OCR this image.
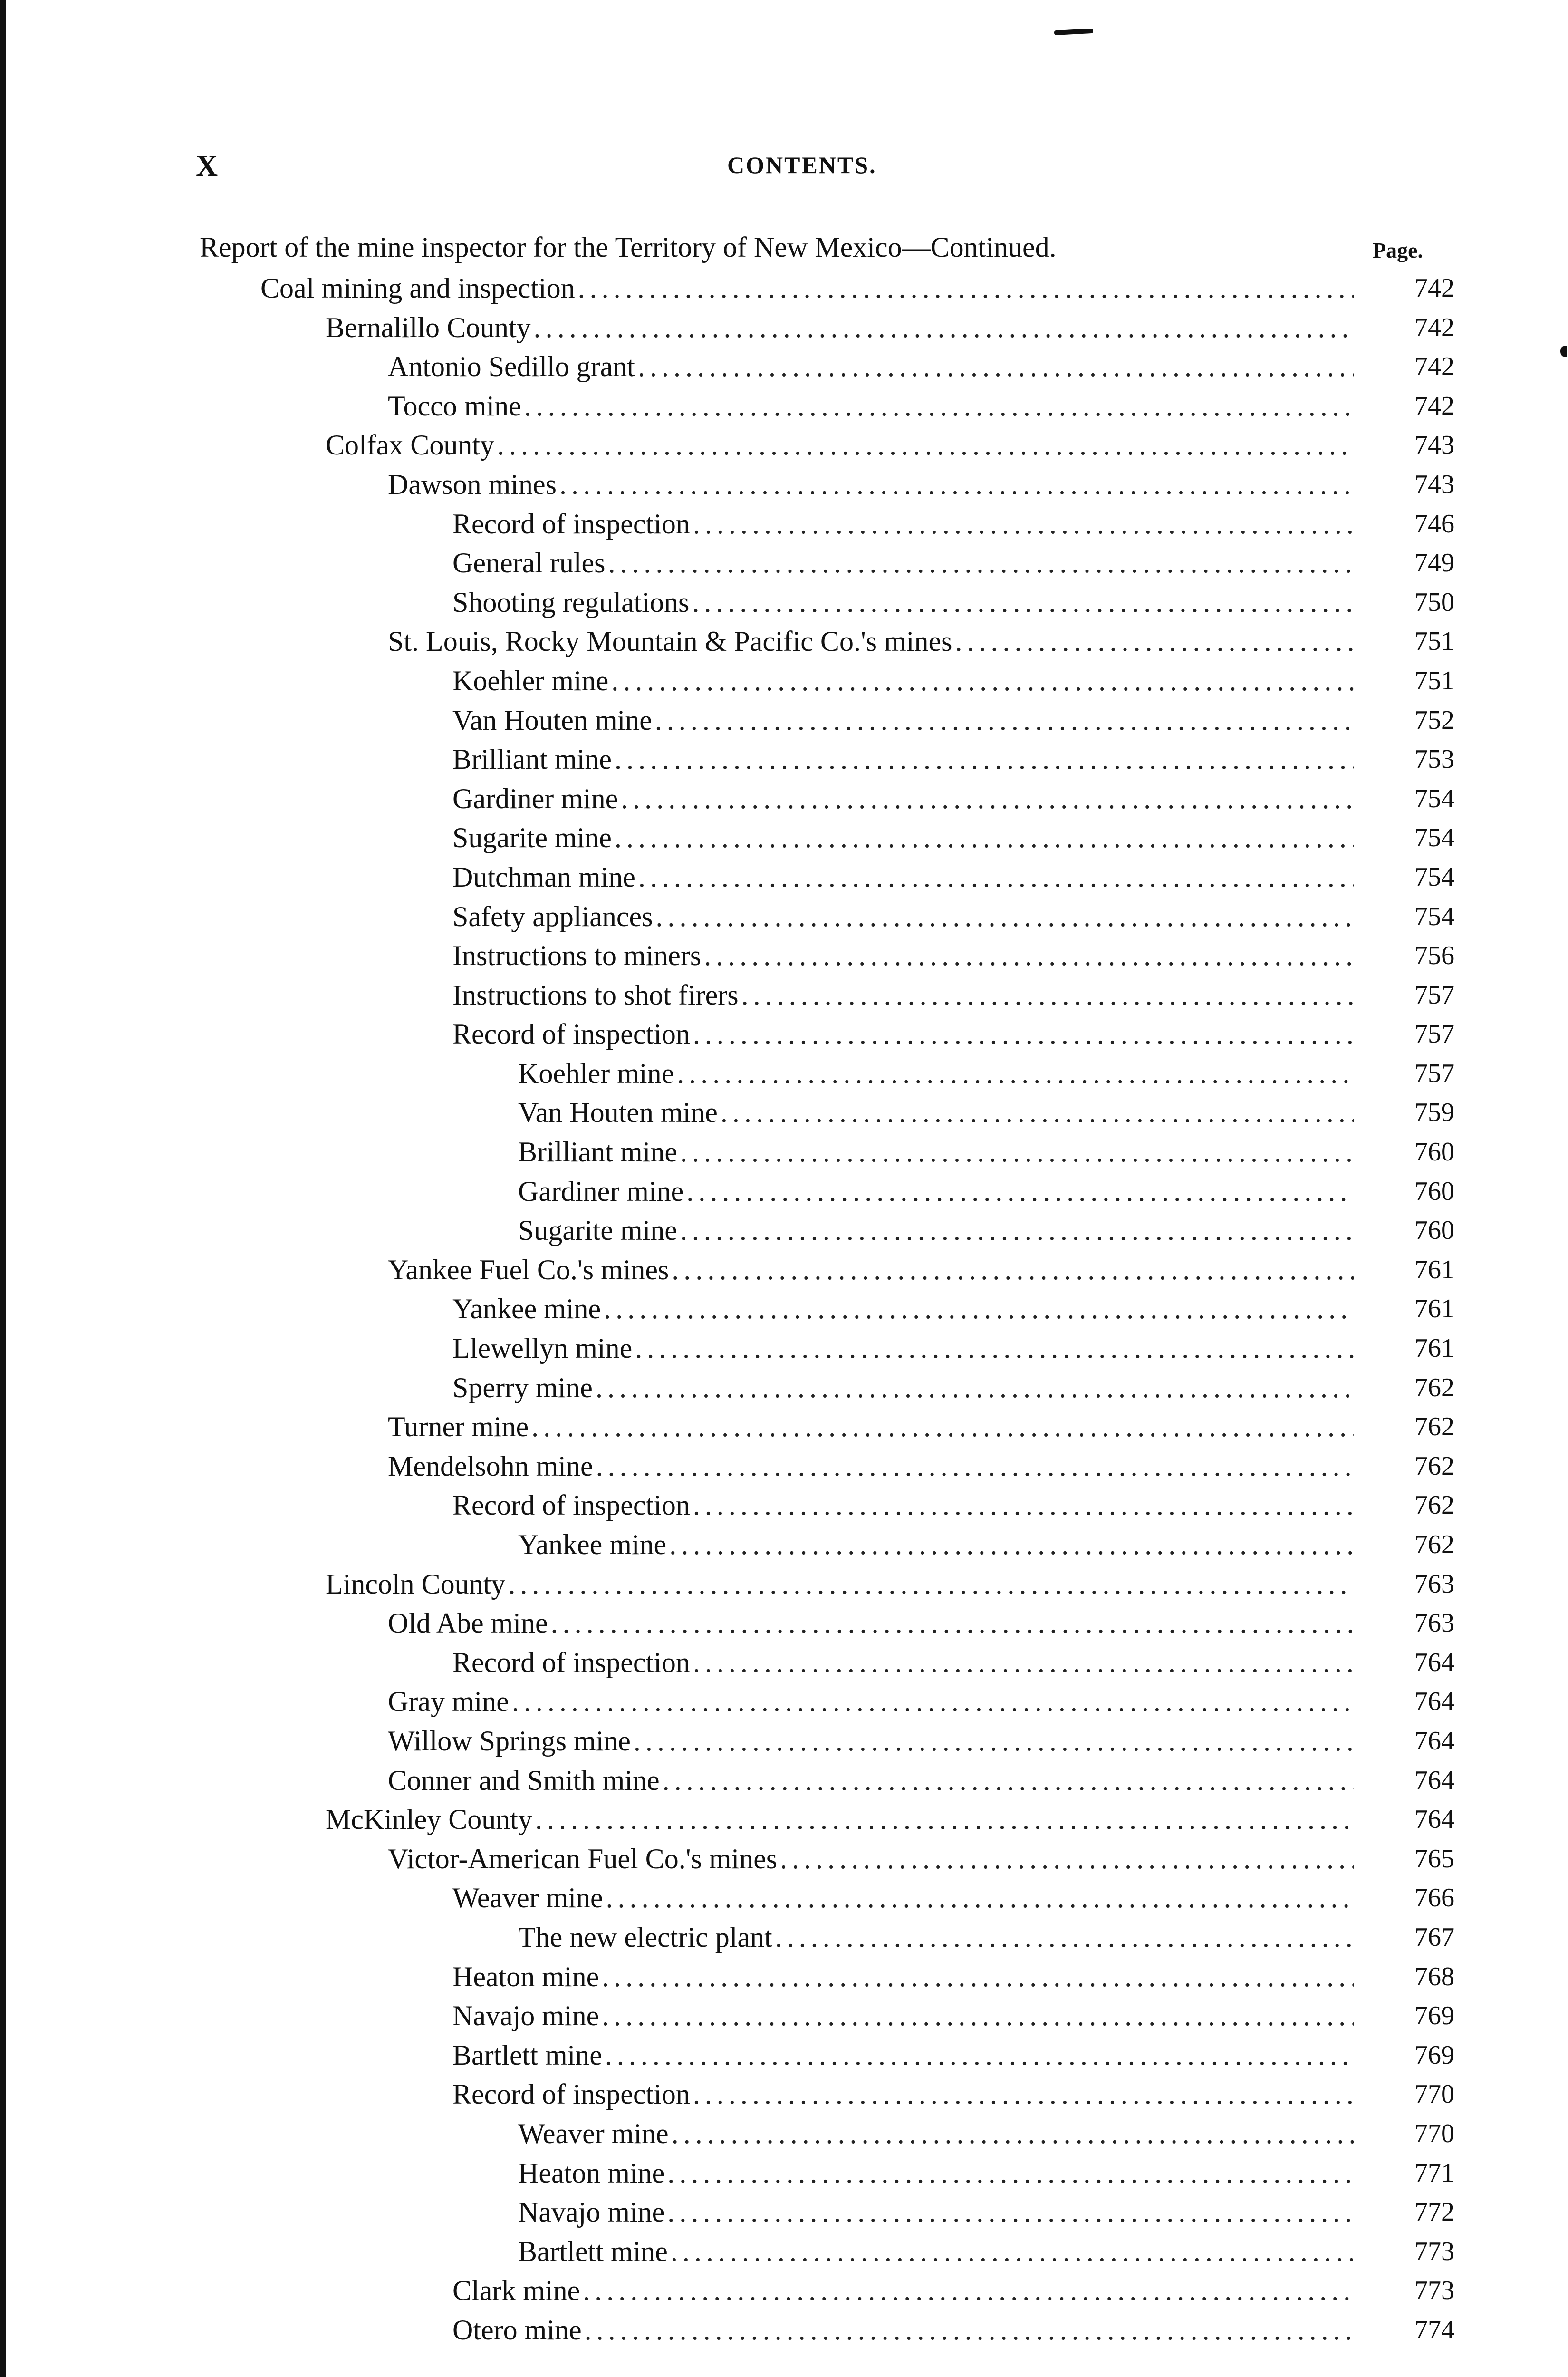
X	CONTENTS.
Report of the mine inspector for the Territory of New Mexico—Continued.	Page.
Coal mining and inspection .....	742
Bernalillo County .....	742
Antonio Sedillo grant .....	742
Tocco mine .....	742
Colfax County .....	743
Dawson mines .....	743
Record of inspection .....	746
General rules .....	749
Shooting regulations .....	750
St. Louis, Rocky Mountain & Pacific Co.'s mines .....	751
Koehler mine .....	751
Van Houten mine .....	752
Brilliant mine .....	753
Gardiner mine .....	754
Sugarite mine .....	754
Dutchman mine .....	754
Safety appliances .....	754
Instructions to miners .....	756
Instructions to shot firers .....	757
Record of inspection .....	757
Koehler mine .....	757
Van Houten mine .....	759
Brilliant mine .....	760
Gardiner mine .....	760
Sugarite mine .....	760
Yankee Fuel Co.'s mines .....	761
Yankee mine .....	761
Llewellyn mine .....	761
Sperry mine .....	762
Turner mine .....	762
Mendelsohn mine .....	762
Record of inspection .....	762
Yankee mine .....	762
Lincoln County .....	763
Old Abe mine .....	763
Record of inspection .....	764
Gray mine .....	764
Willow Springs mine .....	764
Conner and Smith mine .....	764
McKinley County .....	764
Victor-American Fuel Co.'s mines .....	765
Weaver mine .....	766
The new electric plant .....	767
Heaton mine .....	768
Navajo mine .....	769
Bartlett mine .....	769
Record of inspection .....	770
Weaver mine .....	770
Heaton mine .....	771
Navajo mine .....	772
Bartlett mine .....	773
Clark mine .....	773
Otero mine .....	774
